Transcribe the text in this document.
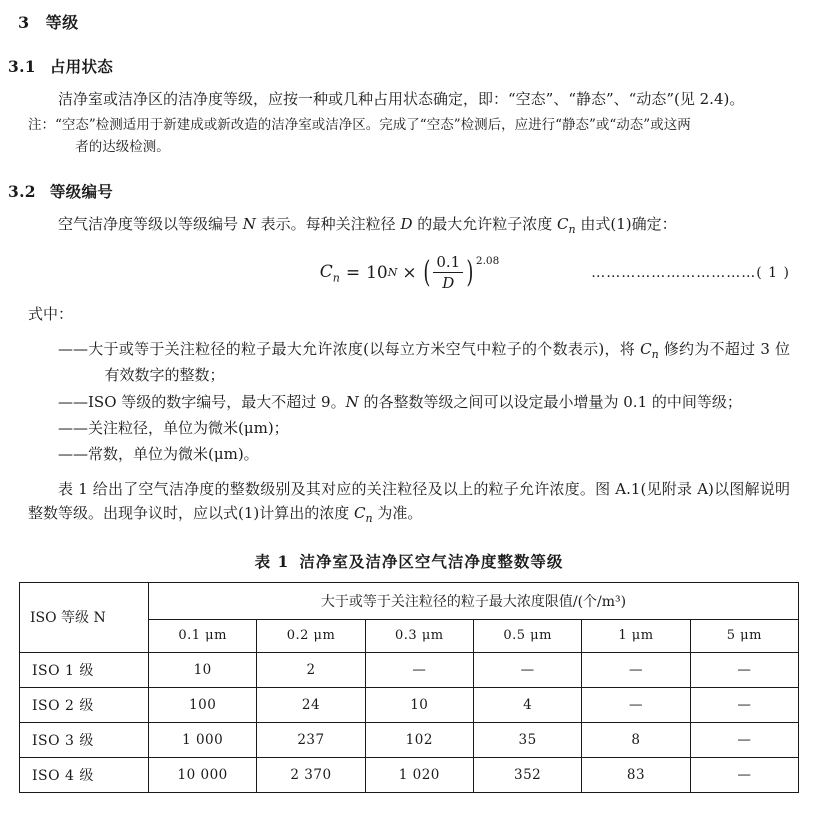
3 等级
3.1 占用状态

洁净室或洁净区的洁净度等级，应按一种或几种占用状态确定，即：“空态”、“静态”、“动态”(见 2.4)。

注：“空态”检测适用于新建成或新改造的洁净室或洁净区。完成了“空态”检测后，应进行“静态”或“动态”或这两
者的达级检测。
3.2 等级编号

空气洁净度等级以等级编号 N 表示。每种关注粒径 D 的最大允许粒子浓度 $C_n$ 由式(1)确定：

$C_n = 10$ N × ( $\frac{0.1}{D}$ ) 2.08
……………………………( 1 )

式中：

——大于或等于关注粒径的粒子最大允许浓度(以每立方米空气中粒子的个数表示)，将 $C_n$ 修约为不超过 3 位有效数字的整数；
——ISO 等级的数字编号，最大不超过 9。N 的各整数等级之间可以设定最小增量为 0.1 的中间等级；
——关注粒径，单位为微米(μm)；
——常数，单位为微米(μm)。

表 1 给出了空气洁净度的整数级别及其对应的关注粒径及以上的粒子允许浓度。图 A.1(见附录 A)以图解说明整数等级。出现争议时，应以式(1)计算出的浓度 $C_n$ 为准。

表 1 洁净室及洁净区空气洁净度整数等级
ISO 等级 N	大于或等于关注粒径的粒子最大浓度限值/(个/m³)					
	0.1 μm	0.2 μm	0.3 μm	0.5 μm	1 μm	5 μm
ISO 1 级	10	2	—	—	—	—
ISO 2 级	100	24	10	4	—	—
ISO 3 级	1 000	237	102	35	8	—
ISO 4 级	10 000	2 370	1 020	352	83	—
